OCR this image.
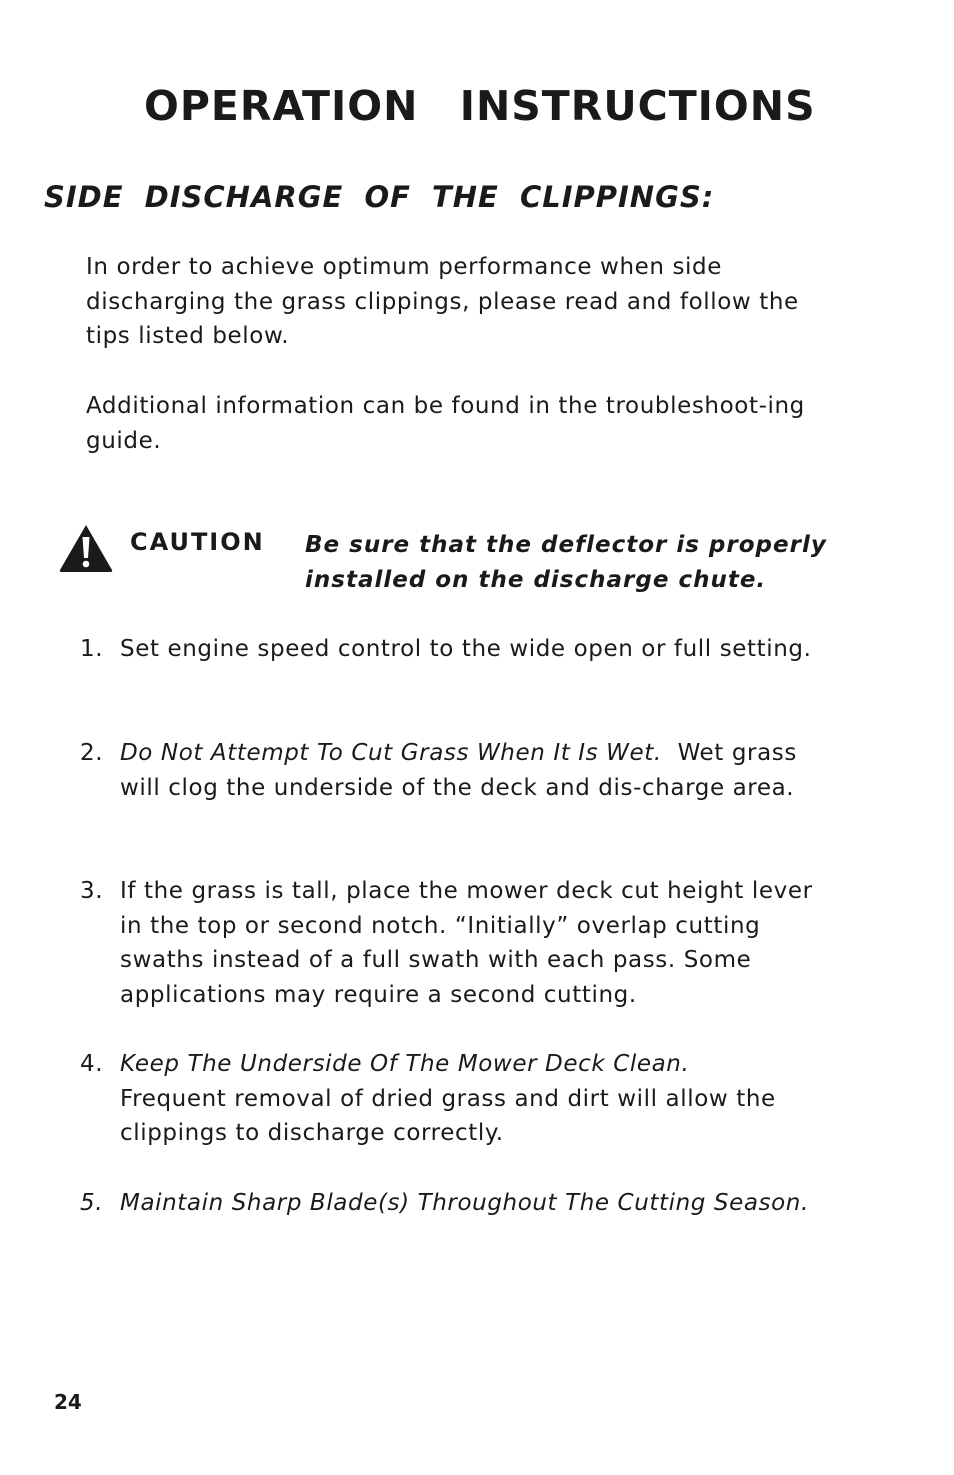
OPERATION INSTRUCTIONS
SIDE DISCHARGE OF THE CLIPPINGS:

In order to achieve optimum performance when side discharging the grass clippings, please read and follow the tips listed below.

Additional information can be found in the troubleshoot-ing guide.

CAUTION Be sure that the deflector is properly installed on the discharge chute.

1. Set engine speed control to the wide open or full setting.
2. Do Not Attempt To Cut Grass When It Is Wet. Wet grass will clog the underside of the deck and dis-charge area.
3. If the grass is tall, place the mower deck cut height lever in the top or second notch. “Initially” overlap cutting swaths instead of a full swath with each pass. Some applications may require a second cutting.
4. Keep The Underside Of The Mower Deck Clean.
Frequent removal of dried grass and dirt will allow the clippings to discharge correctly.
5. Maintain Sharp Blade(s) Throughout The Cutting Season.
24
